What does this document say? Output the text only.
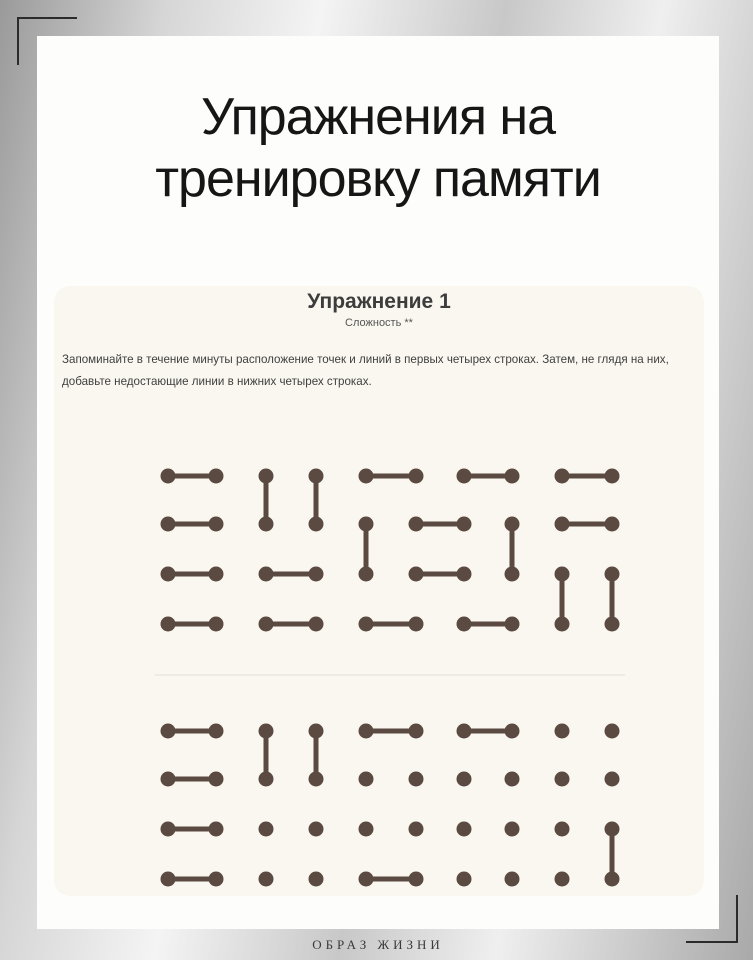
Упражнения на
тренировку памяти
Упражнение 1
Сложность **
Запоминайте в течение минуты расположение точек и линий в первых четырех строках. Затем, не глядя на них, добавьте недостающие линии в нижних четырех строках.
ОБРАЗ ЖИЗНИ
